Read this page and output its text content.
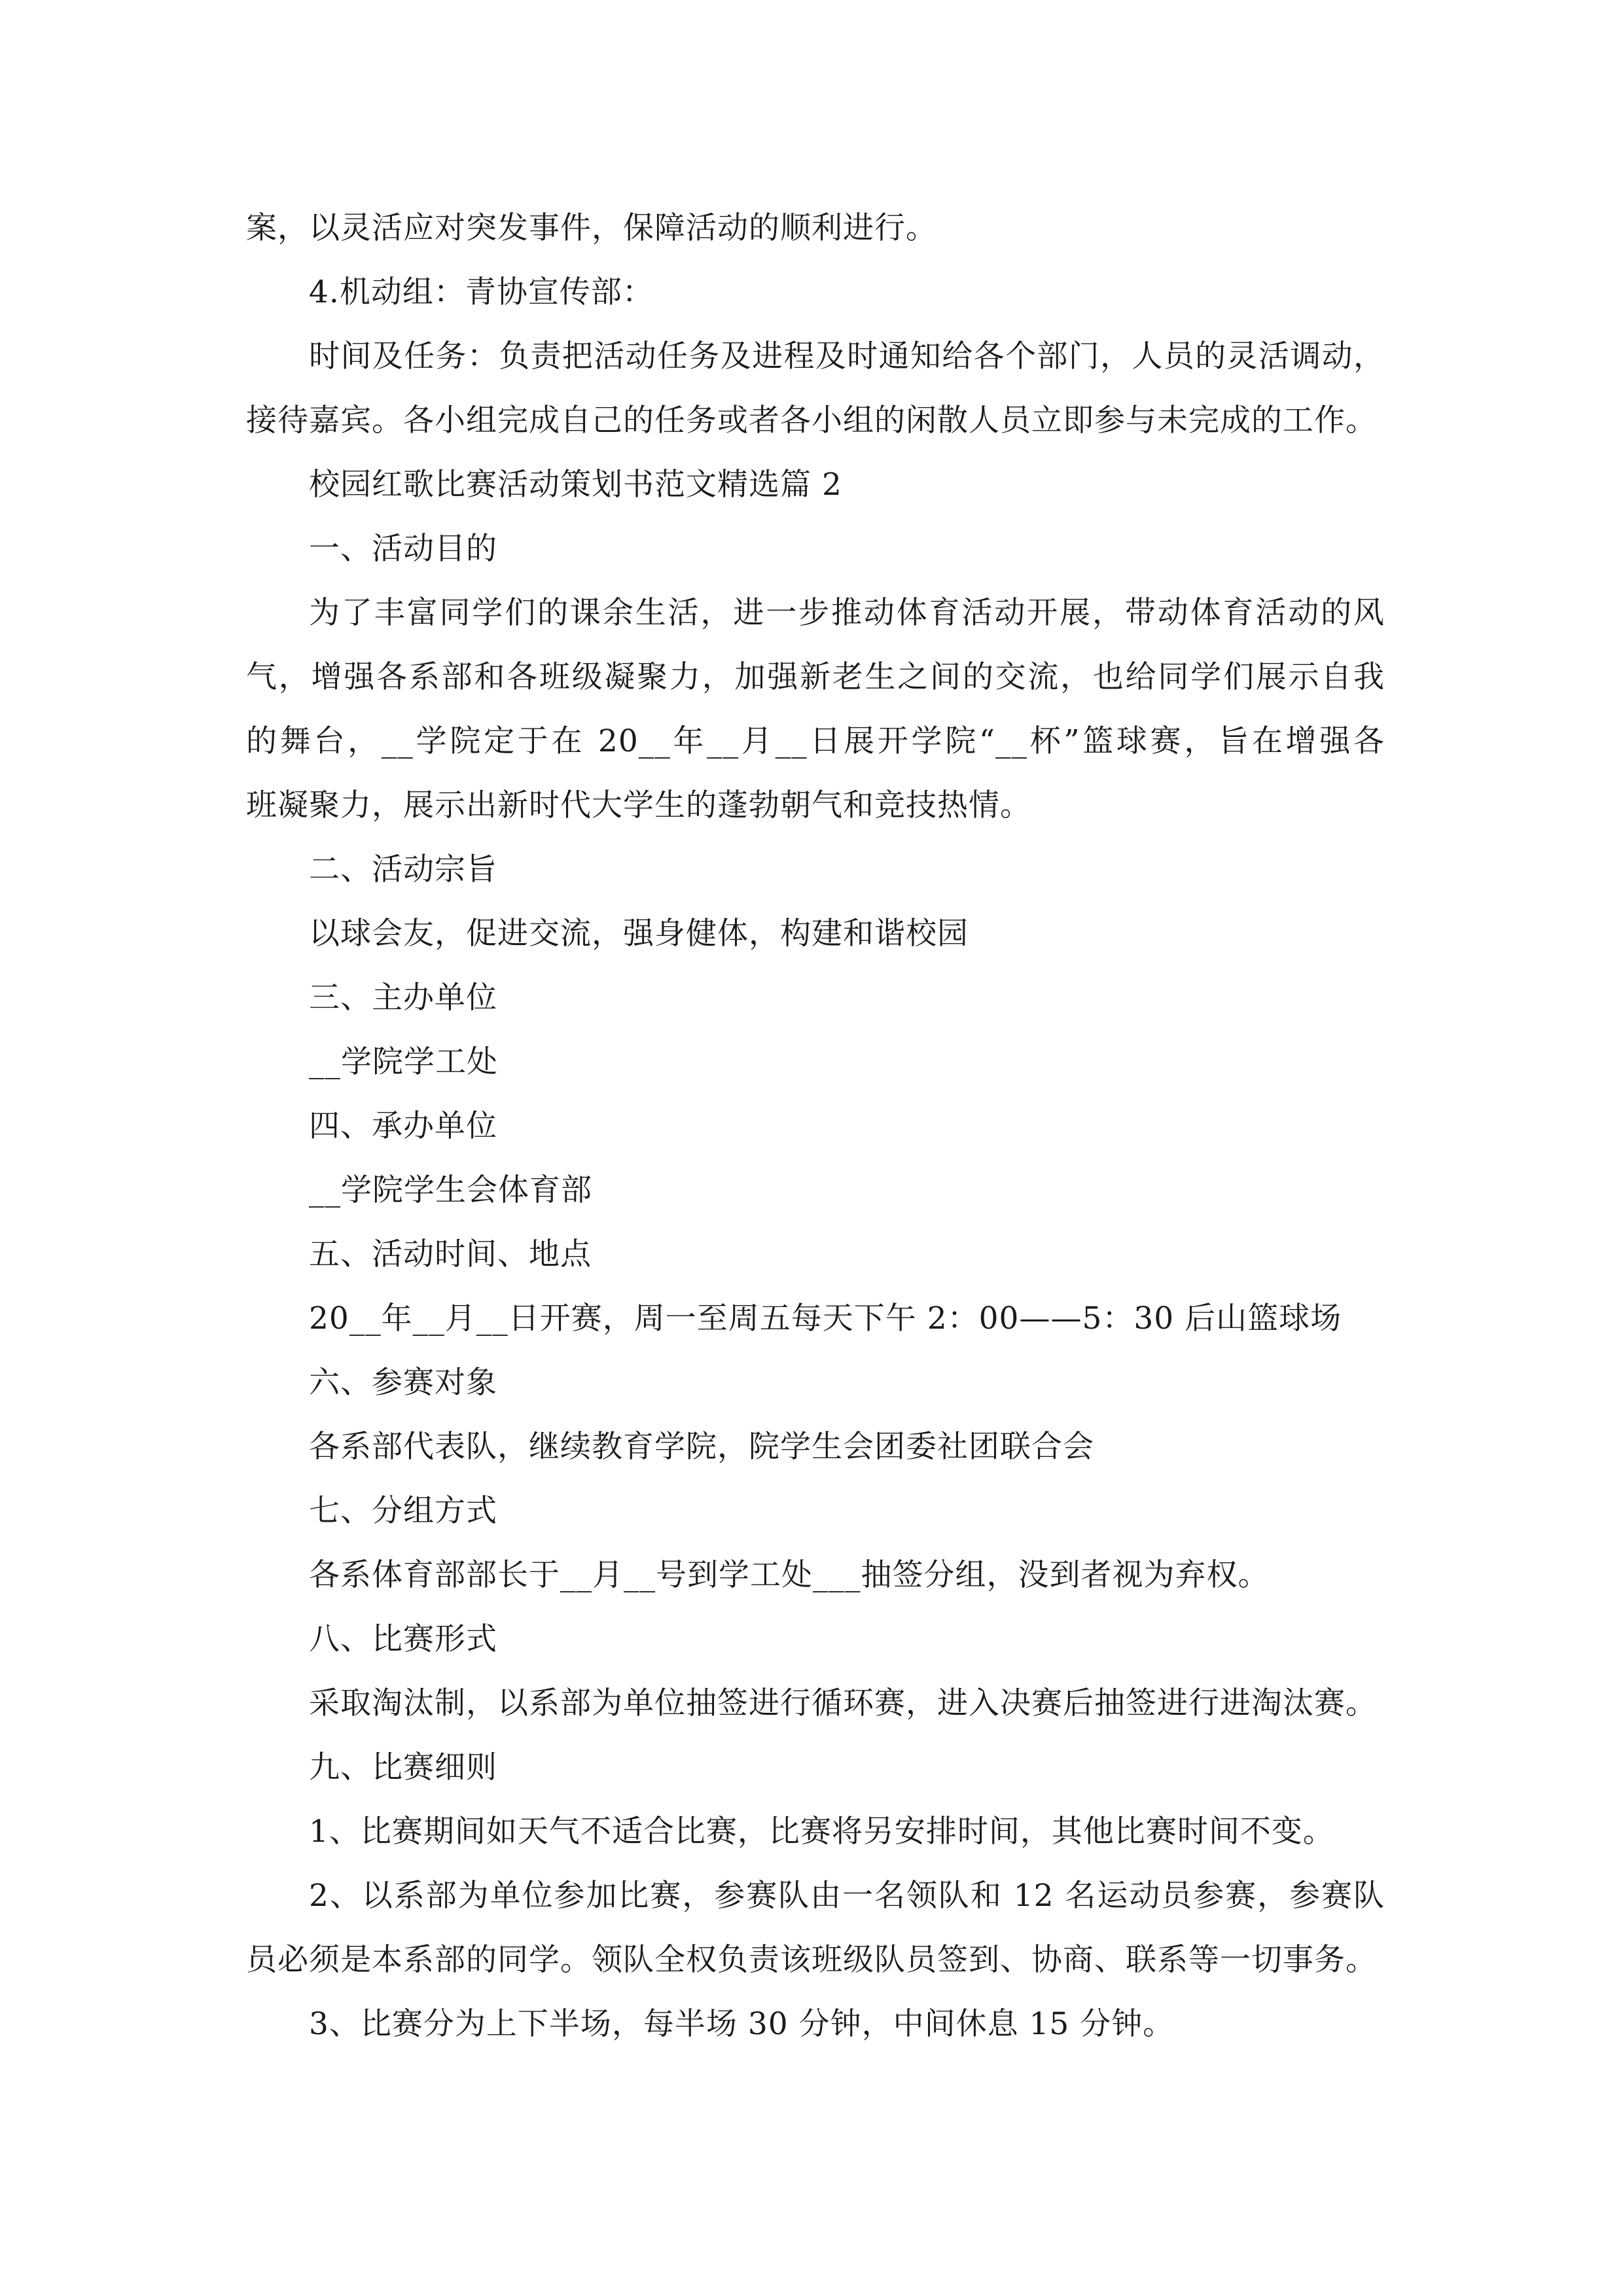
案，以灵活应对突发事件，保障活动的顺利进行。
4.机动组：青协宣传部：
时间及任务：负责把活动任务及进程及时通知给各个部门，人员的灵活调动，
接待嘉宾。各小组完成自己的任务或者各小组的闲散人员立即参与未完成的工作。
校园红歌比赛活动策划书范文精选篇 2
一、活动目的
为了丰富同学们的课余生活，进一步推动体育活动开展，带动体育活动的风
气，增强各系部和各班级凝聚力，加强新老生之间的交流，也给同学们展示自我
的舞台，__学院定于在 20__年__月__日展开学院“__杯”篮球赛，旨在增强各
班凝聚力，展示出新时代大学生的蓬勃朝气和竞技热情。
二、活动宗旨
以球会友，促进交流，强身健体，构建和谐校园
三、主办单位
__学院学工处
四、承办单位
__学院学生会体育部
五、活动时间、地点
20__年__月__日开赛，周一至周五每天下午 2：00——5：30 后山篮球场
六、参赛对象
各系部代表队，继续教育学院，院学生会团委社团联合会
七、分组方式
各系体育部部长于__月__号到学工处___抽签分组，没到者视为弃权。
八、比赛形式
采取淘汰制，以系部为单位抽签进行循环赛，进入决赛后抽签进行进淘汰赛。
九、比赛细则
1、比赛期间如天气不适合比赛，比赛将另安排时间，其他比赛时间不变。
2、以系部为单位参加比赛，参赛队由一名领队和 12 名运动员参赛，参赛队
员必须是本系部的同学。领队全权负责该班级队员签到、协商、联系等一切事务。
3、比赛分为上下半场，每半场 30 分钟，中间休息 15 分钟。
